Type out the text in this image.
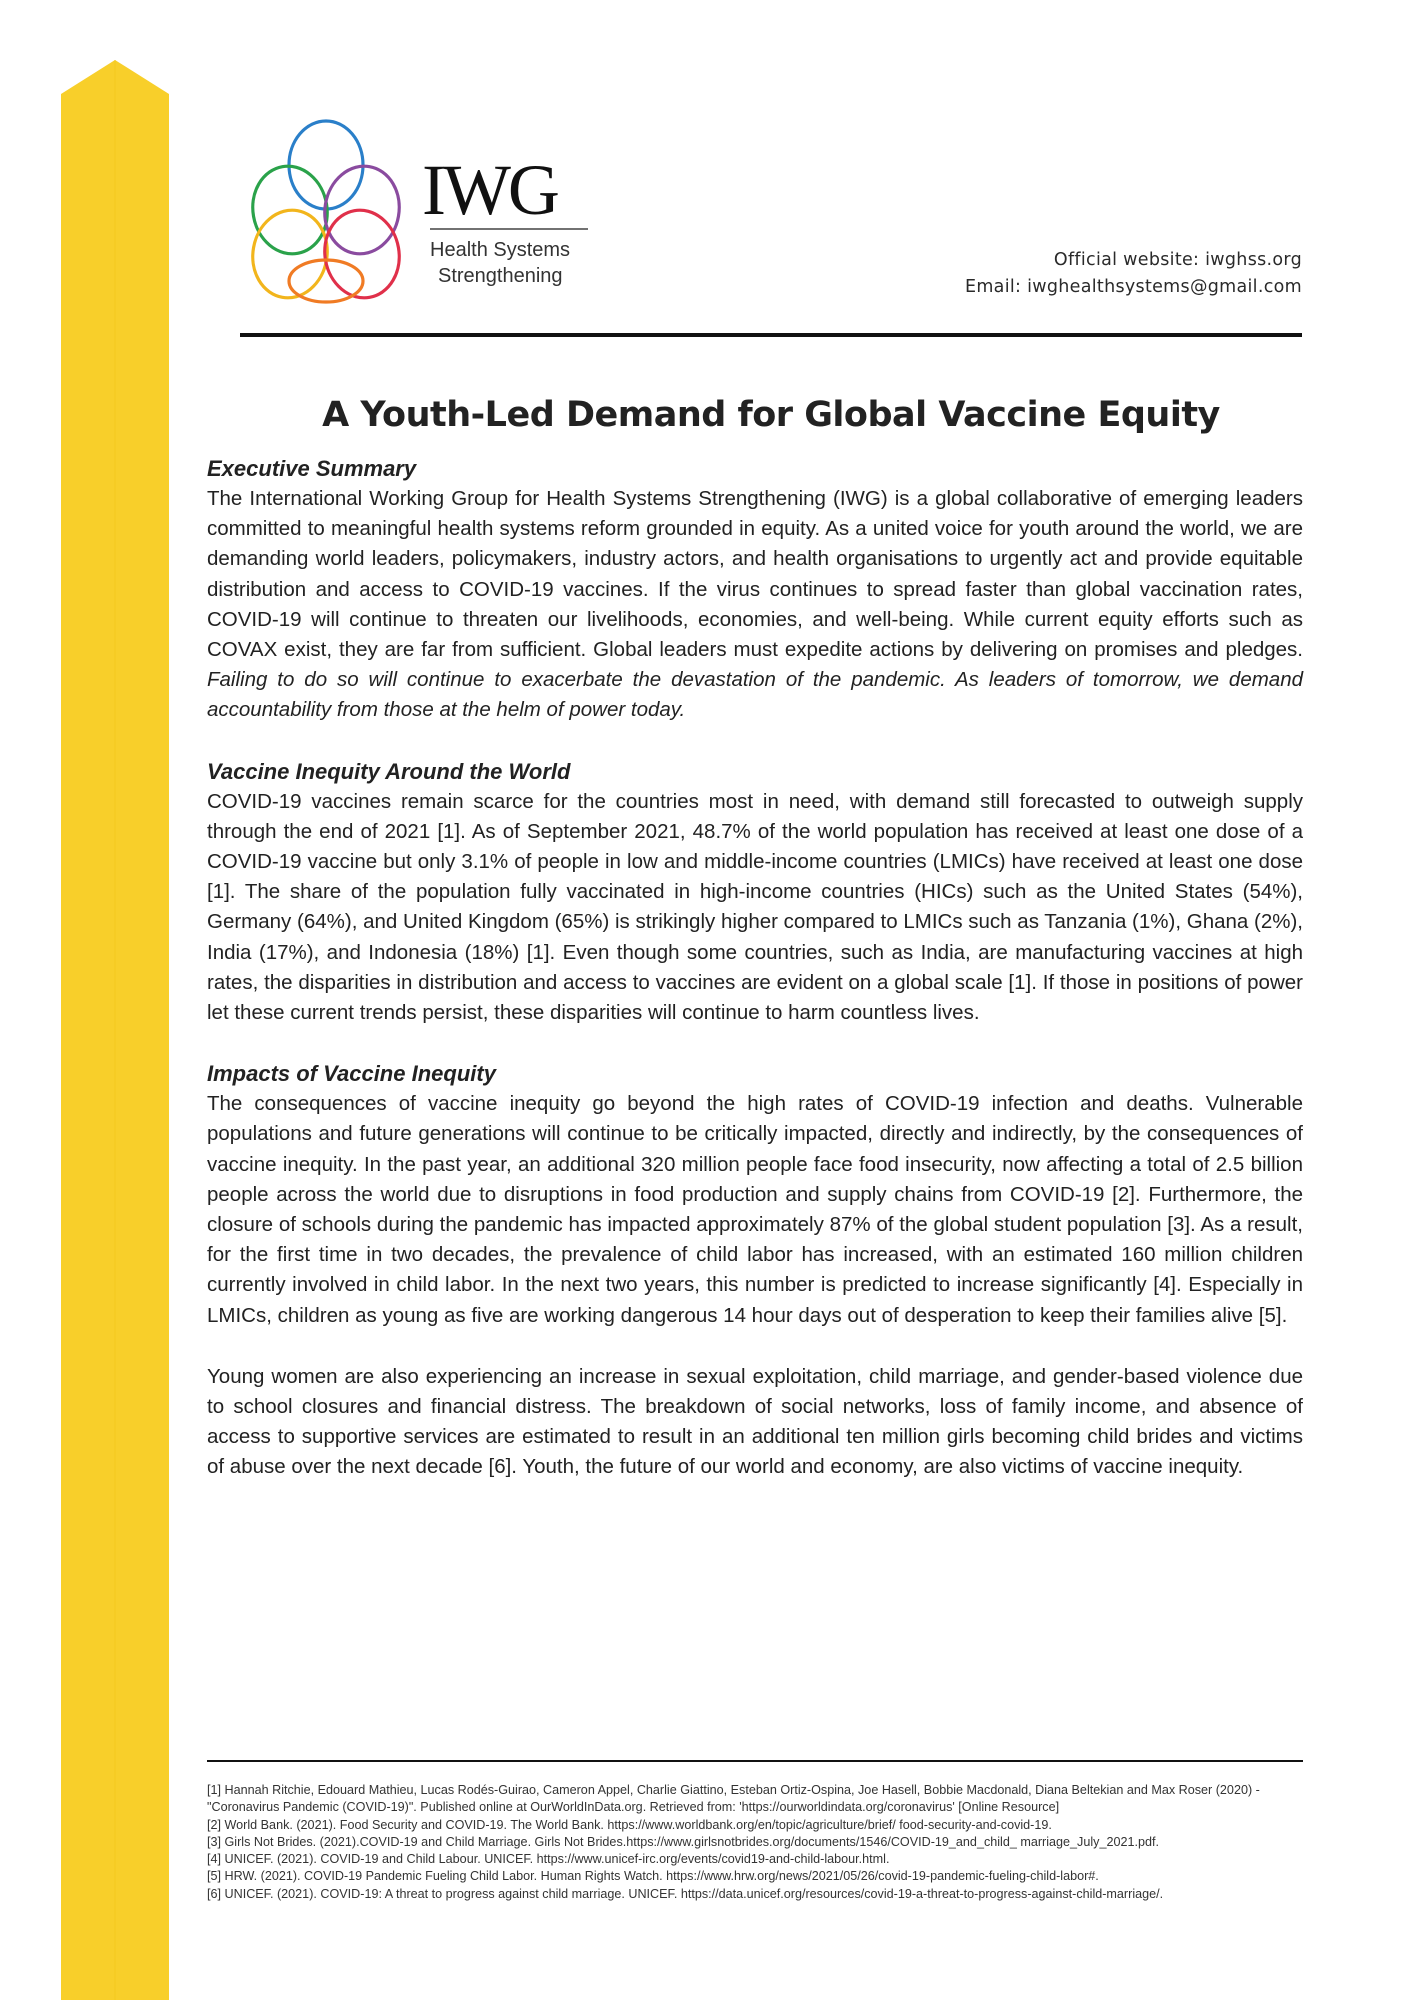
IWG
Health Systems
Strengthening
Official website: iwghss.org
Email: iwghealthsystems@gmail.com
A Youth-Led Demand for Global Vaccine Equity
Executive Summary

The International Working Group for Health Systems Strengthening (IWG) is a global collaborative of emerging leaders committed to meaningful health systems reform grounded in equity. As a united voice for youth around the world, we are demanding world leaders, policymakers, industry actors, and health organisations to urgently act and provide equitable distribution and access to COVID-19 vaccines. If the virus continues to spread faster than global vaccination rates, COVID-19 will continue to threaten our livelihoods, economies, and well-being. While current equity efforts such as COVAX exist, they are far from sufficient. Global leaders must expedite actions by delivering on promises and pledges. Failing to do so will continue to exacerbate the devastation of the pandemic. As leaders of tomorrow, we demand accountability from those at the helm of power today.

Vaccine Inequity Around the World

COVID-19 vaccines remain scarce for the countries most in need, with demand still forecasted to outweigh supply through the end of 2021 [1]. As of September 2021, 48.7% of the world population has received at least one dose of a COVID-19 vaccine but only 3.1% of people in low and middle-income countries (LMICs) have received at least one dose [1]. The share of the population fully vaccinated in high-income countries (HICs) such as the United States (54%), Germany (64%), and United Kingdom (65%) is strikingly higher compared to LMICs such as Tanzania (1%), Ghana (2%), India (17%), and Indonesia (18%) [1]. Even though some countries, such as India, are manufacturing vaccines at high rates, the disparities in distribution and access to vaccines are evident on a global scale [1]. If those in positions of power let these current trends persist, these disparities will continue to harm countless lives.

Impacts of Vaccine Inequity

The consequences of vaccine inequity go beyond the high rates of COVID-19 infection and deaths. Vulnerable populations and future generations will continue to be critically impacted, directly and indirectly, by the consequences of vaccine inequity. In the past year, an additional 320 million people face food insecurity, now affecting a total of 2.5 billion people across the world due to disruptions in food production and supply chains from COVID-19 [2]. Furthermore, the closure of schools during the pandemic has impacted approximately 87% of the global student population [3]. As a result, for the first time in two decades, the prevalence of child labor has increased, with an estimated 160 million children currently involved in child labor. In the next two years, this number is predicted to increase significantly [4]. Especially in LMICs, children as young as five are working dangerous 14 hour days out of desperation to keep their families alive [5].

Young women are also experiencing an increase in sexual exploitation, child marriage, and gender-based violence due to school closures and financial distress. The breakdown of social networks, loss of family income, and absence of access to supportive services are estimated to result in an additional ten million girls becoming child brides and victims of abuse over the next decade [6]. Youth, the future of our world and economy, are also victims of vaccine inequity.

[1] Hannah Ritchie, Edouard Mathieu, Lucas Rodés-Guirao, Cameron Appel, Charlie Giattino, Esteban Ortiz-Ospina, Joe Hasell, Bobbie Macdonald, Diana Beltekian and Max Roser (2020) - "Coronavirus Pandemic (COVID-19)". Published online at OurWorldInData.org. Retrieved from: 'https://ourworldindata.org/coronavirus' [Online Resource]

[2] World Bank. (2021). Food Security and COVID-19. The World Bank. https://www.worldbank.org/en/topic/agriculture/brief/ food-security-and-covid-19.

[3] Girls Not Brides. (2021).COVID-19 and Child Marriage. Girls Not Brides.https://www.girlsnotbrides.org/documents/1546/COVID-19_and_child_ marriage_July_2021.pdf.

[4] UNICEF. (2021). COVID-19 and Child Labour. UNICEF. https://www.unicef-irc.org/events/covid19-and-child-labour.html.

[5] HRW. (2021). COVID-19 Pandemic Fueling Child Labor. Human Rights Watch. https://www.hrw.org/news/2021/05/26/covid-19-pandemic-fueling-child-labor#.

[6] UNICEF. (2021). COVID-19: A threat to progress against child marriage. UNICEF. https://data.unicef.org/resources/covid-19-a-threat-to-progress-against-child-marriage/.
